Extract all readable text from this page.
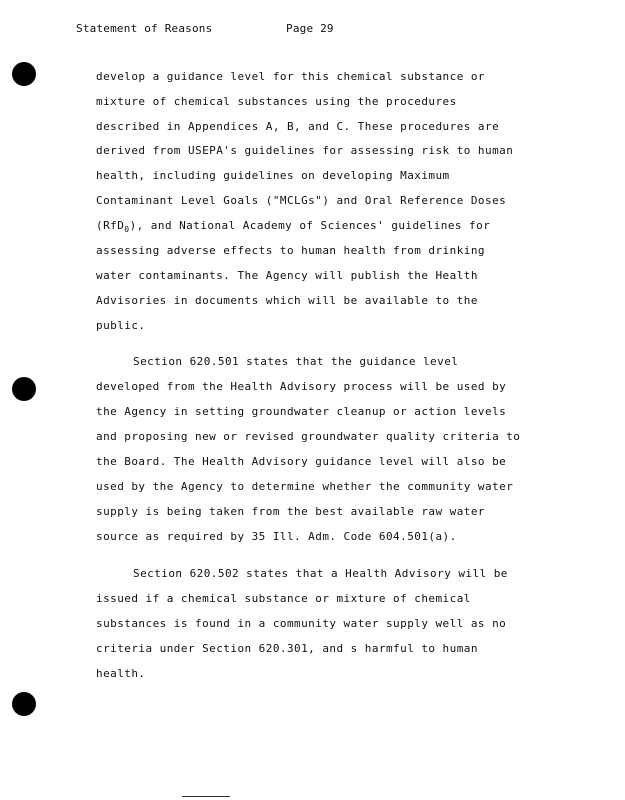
Statement of Reasons	Page 29
develop a guidance level for this chemical substance or
mixture of chemical substances using the procedures
described in Appendices A, B, and C. These procedures are
derived from USEPA's guidelines for assessing risk to human
health, including guidelines on developing Maximum
Contaminant Level Goals ("MCLGs") and Oral Reference Doses
(RfD$_0$), and National Academy of Sciences' guidelines for
assessing adverse effects to human health from drinking
water contaminants. The Agency will publish the Health
Advisories in documents which will be available to the
public.
Section 620.501 states that the guidance level
developed from the Health Advisory process will be used by
the Agency in setting groundwater cleanup or action levels
and proposing new or revised groundwater quality criteria to
the Board. The Health Advisory guidance level will also be
used by the Agency to determine whether the community water
supply is being taken from the best available raw water
source as required by 35 Ill. Adm. Code 604.501(a).
Section 620.502 states that a Health Advisory will be
issued if a chemical substance or mixture of chemical
substances is found in a community water supply well as no
criteria under Section 620.301, and s harmful to human
health.
